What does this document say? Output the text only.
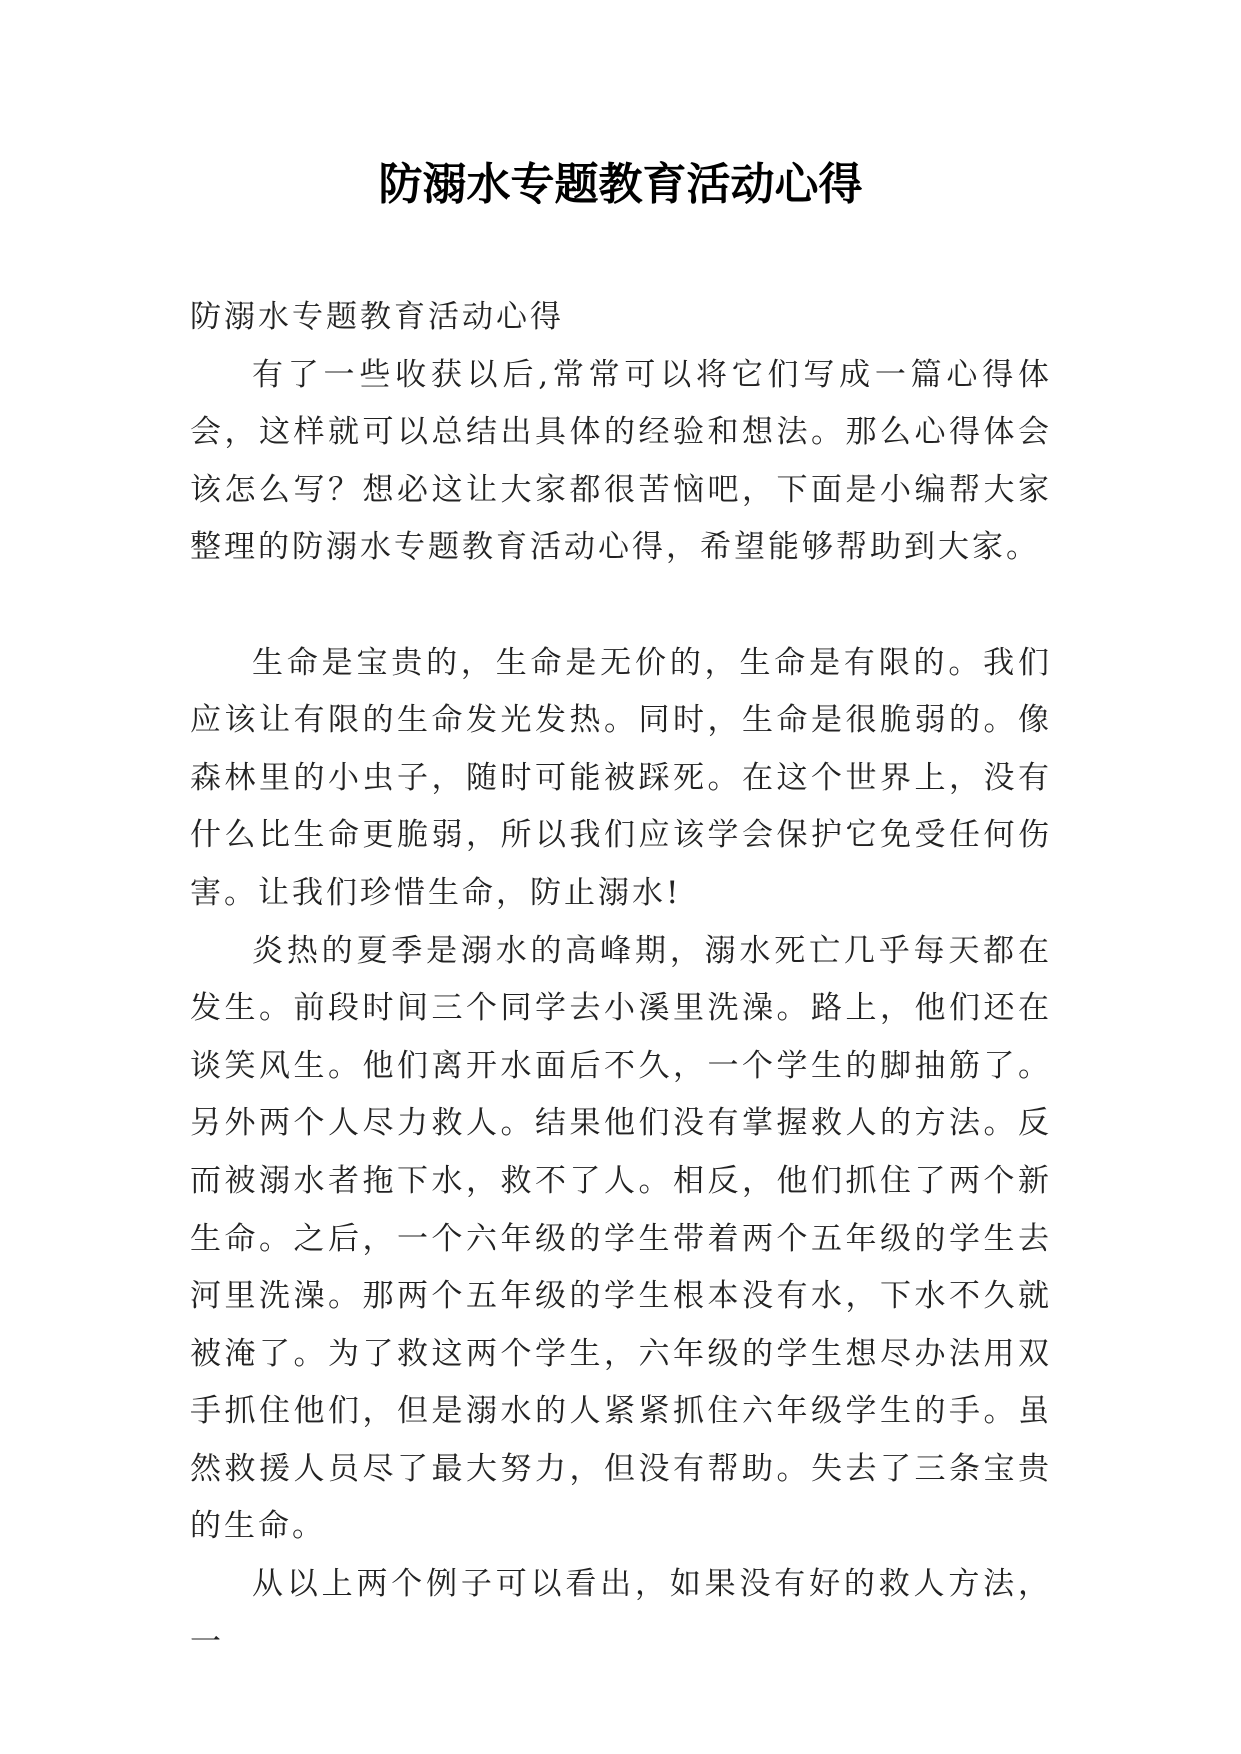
防溺水专题教育活动心得

防溺水专题教育活动心得

有了一些收获以后,常常可以将它们写成一篇心得体会，这样就可以总结出具体的经验和想法。那么心得体会该怎么写？想必这让大家都很苦恼吧，下面是小编帮大家整理的防溺水专题教育活动心得，希望能够帮助到大家。

生命是宝贵的，生命是无价的，生命是有限的。我们应该让有限的生命发光发热。同时，生命是很脆弱的。像森林里的小虫子，随时可能被踩死。在这个世界上，没有什么比生命更脆弱，所以我们应该学会保护它免受任何伤害。让我们珍惜生命，防止溺水!

炎热的夏季是溺水的高峰期，溺水死亡几乎每天都在发生。前段时间三个同学去小溪里洗澡。路上，他们还在谈笑风生。他们离开水面后不久，一个学生的脚抽筋了。另外两个人尽力救人。结果他们没有掌握救人的方法。反而被溺水者拖下水，救不了人。相反，他们抓住了两个新生命。之后，一个六年级的学生带着两个五年级的学生去河里洗澡。那两个五年级的学生根本没有水，下水不久就被淹了。为了救这两个学生，六年级的学生想尽办法用双手抓住他们，但是溺水的人紧紧抓住六年级学生的手。虽然救援人员尽了最大努力，但没有帮助。失去了三条宝贵的生命。

从以上两个例子可以看出，如果没有好的救人方法，一
